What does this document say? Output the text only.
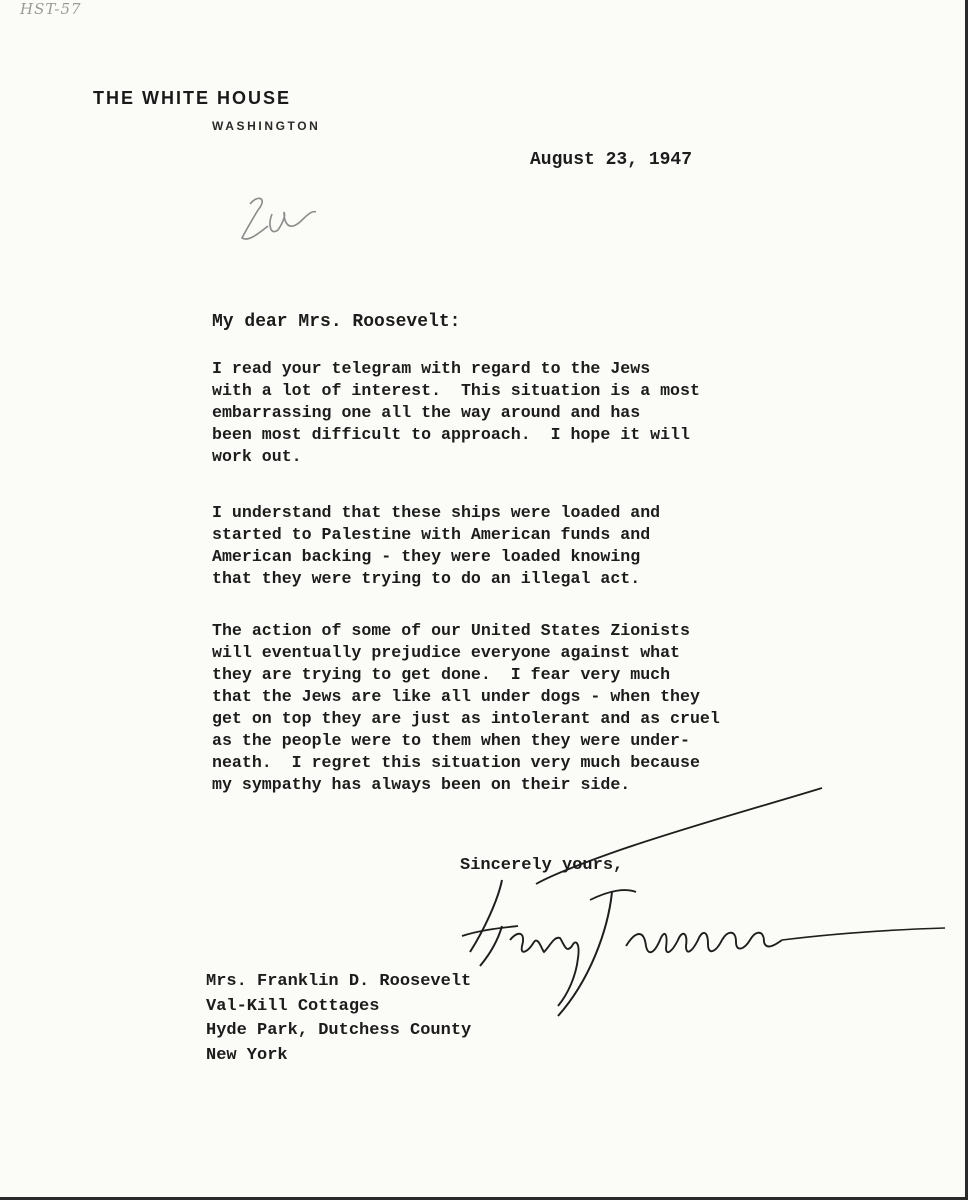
HST-57
THE WHITE HOUSE
WASHINGTON
August 23, 1947
My dear Mrs. Roosevelt:
I read your telegram with regard to the Jews
with a lot of interest.  This situation is a most
embarrassing one all the way around and has
been most difficult to approach.  I hope it will
work out.
I understand that these ships were loaded and
started to Palestine with American funds and
American backing - they were loaded knowing
that they were trying to do an illegal act.
The action of some of our United States Zionists
will eventually prejudice everyone against what
they are trying to get done.  I fear very much
that the Jews are like all under dogs - when they
get on top they are just as intolerant and as cruel
as the people were to them when they were under-
neath.  I regret this situation very much because
my sympathy has always been on their side.
Sincerely yours,
Mrs. Franklin D. Roosevelt
Val-Kill Cottages
Hyde Park, Dutchess County
New York
